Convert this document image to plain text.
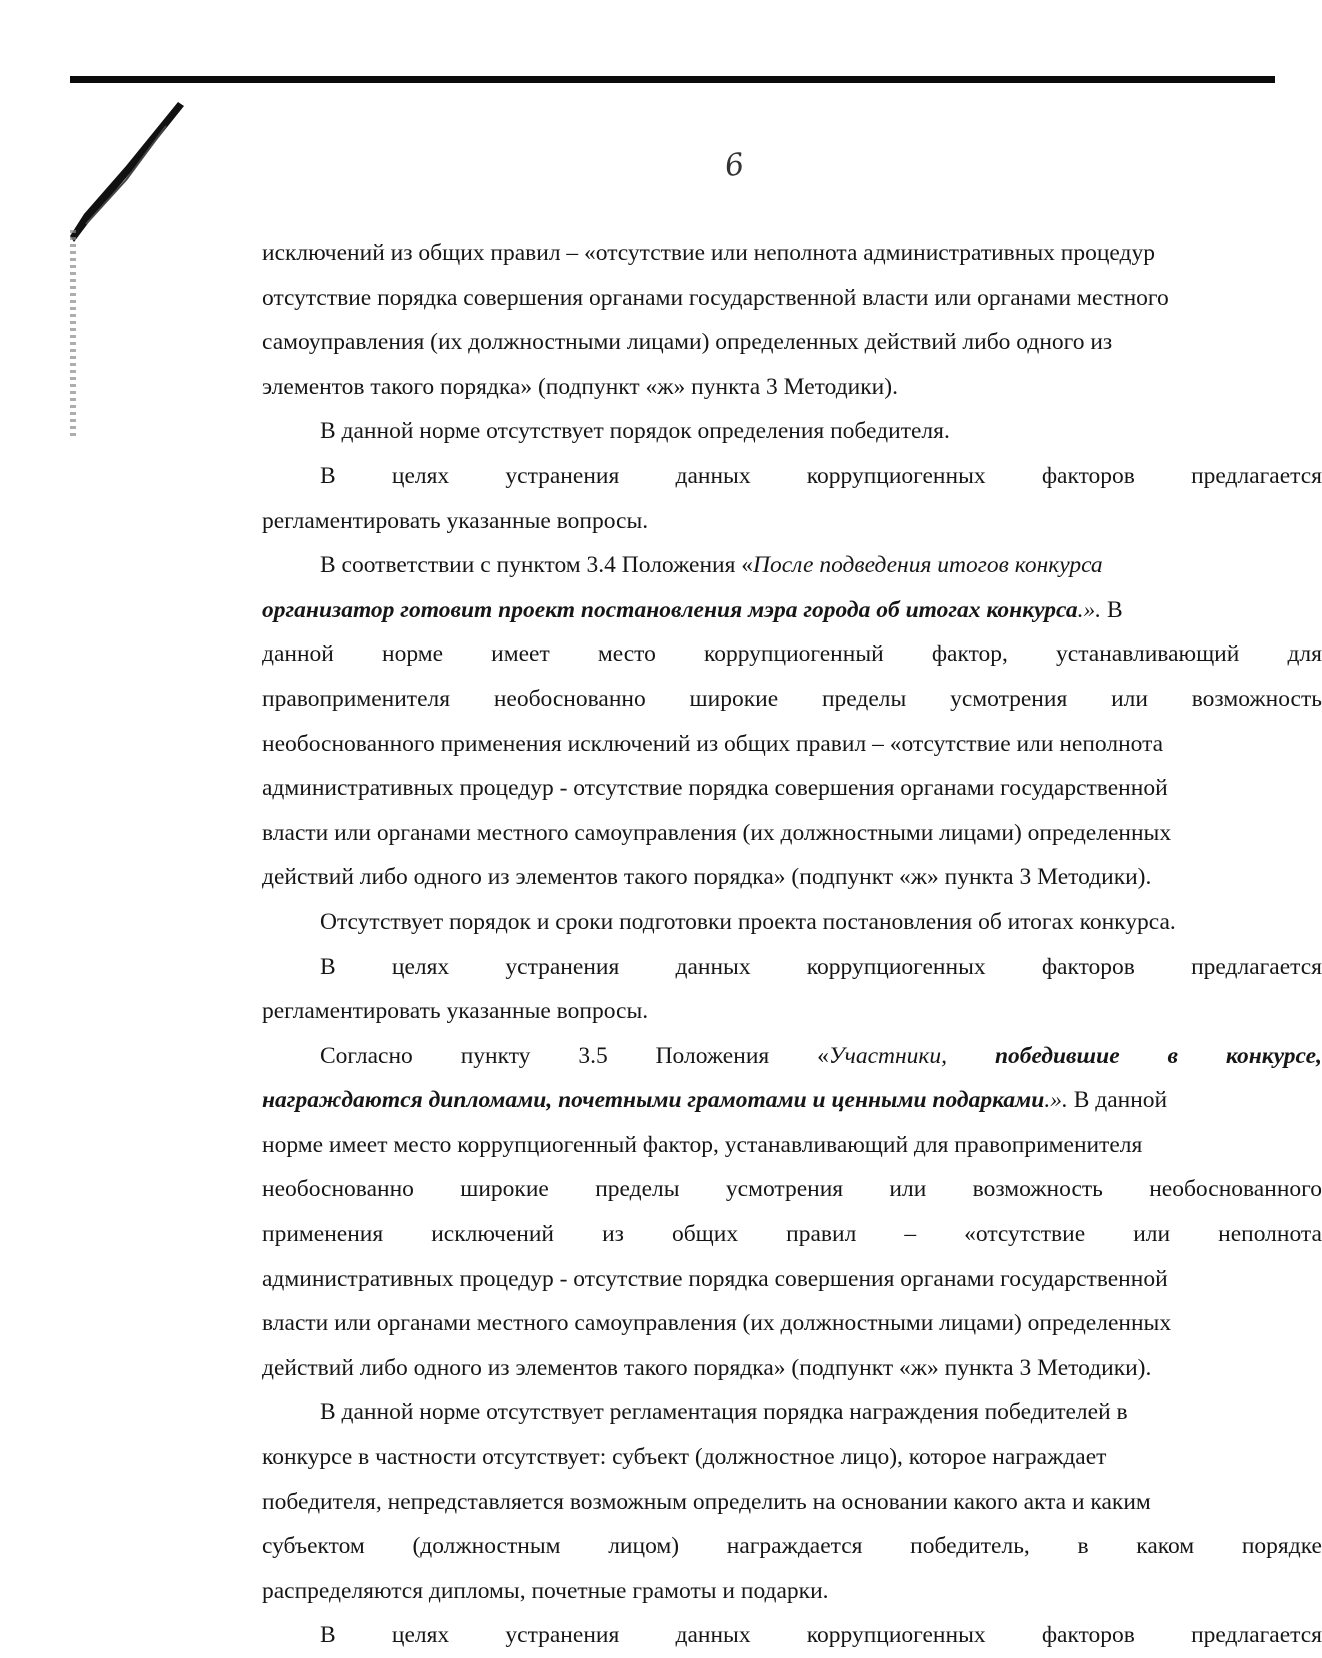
6
исключений из общих правил – «отсутствие или неполнота административных процедур
отсутствие порядка совершения органами государственной власти или органами местного
самоуправления (их должностными лицами) определенных действий либо одного из
элементов такого порядка» (подпункт «ж» пункта 3 Методики).
В данной норме отсутствует порядок определения победителя.
В целях устранения данных коррупциогенных факторов предлагается
регламентировать указанные вопросы.
В соответствии с пунктом 3.4 Положения «После подведения итогов конкурса
организатор готовит проект постановления мэра города об итогах конкурса.». В
данной норме имеет место коррупциогенный фактор, устанавливающий для
правоприменителя необоснованно широкие пределы усмотрения или возможность
необоснованного применения исключений из общих правил – «отсутствие или неполнота
административных процедур - отсутствие порядка совершения органами государственной
власти или органами местного самоуправления (их должностными лицами) определенных
действий либо одного из элементов такого порядка» (подпункт «ж» пункта 3 Методики).
Отсутствует порядок и сроки подготовки проекта постановления об итогах конкурса.
В целях устранения данных коррупциогенных факторов предлагается
регламентировать указанные вопросы.
Согласно пункту 3.5 Положения «Участники, победившие в конкурсе,
награждаются дипломами, почетными грамотами и ценными подарками.». В данной
норме имеет место коррупциогенный фактор, устанавливающий для правоприменителя
необоснованно широкие пределы усмотрения или возможность необоснованного
применения исключений из общих правил – «отсутствие или неполнота
административных процедур - отсутствие порядка совершения органами государственной
власти или органами местного самоуправления (их должностными лицами) определенных
действий либо одного из элементов такого порядка» (подпункт «ж» пункта 3 Методики).
В данной норме отсутствует регламентация порядка награждения победителей в
конкурсе в частности отсутствует: субъект (должностное лицо), которое награждает
победителя, непредставляется возможным определить на основании какого акта и каким
субъектом (должностным лицом) награждается победитель, в каком порядке
распределяются дипломы, почетные грамоты и подарки.
В целях устранения данных коррупциогенных факторов предлагается
